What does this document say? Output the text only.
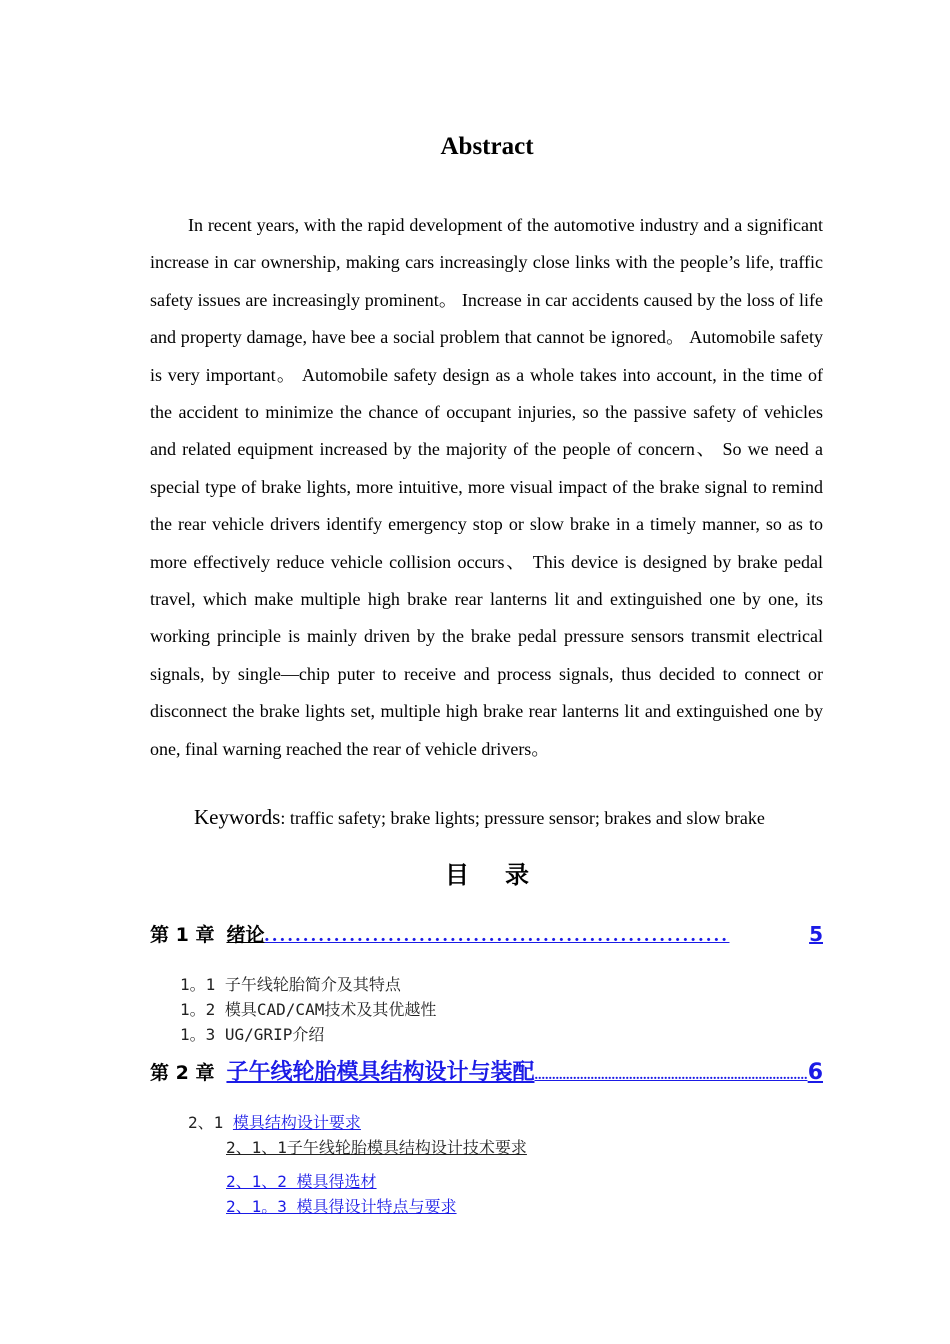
Abstract

In recent years, with the rapid development of the automotive industry and a significant increase in car ownership, making cars increasingly close links with the people’s life, traffic safety issues are increasingly prominent。 Increase in car accidents caused by the loss of life and property damage, have bee a social problem that cannot be ignored。 Automobile safety is very important。 Automobile safety design as a whole takes into account, in the time of the accident to minimize the chance of occupant injuries, so the passive safety of vehicles and related equipment increased by the majority of the people of concern、 So we need a special type of brake lights, more intuitive, more visual impact of the brake signal to remind the rear vehicle drivers identify emergency stop or slow brake in a timely manner, so as to more effectively reduce vehicle collision occurs、 This device is designed by brake pedal travel, which make multiple high brake rear lanterns lit and extinguished one by one, its working principle is mainly driven by the brake pedal pressure sensors transmit electrical signals, by single—chip puter to receive and process signals, thus decided to connect or disconnect the brake lights set, multiple high brake rear lanterns lit and extinguished one by one, final warning reached the rear of vehicle drivers。

Keywords: traffic safety; brake lights; pressure sensor; brakes and slow brake
目录
第 1 章 绪论 ............................................................	5
1。1 子午线轮胎简介及其特点
1。2 模具CAD/CAM技术及其优越性
1。3 UG/GRIP介绍
第 2 章 子午线轮胎模具结构设计与装配 .............................................................................. 6
2、1 模具结构设计要求
2、1、1子午线轮胎模具结构设计技术要求
2、1、2 模具得选材
2、1。3 模具得设计特点与要求
